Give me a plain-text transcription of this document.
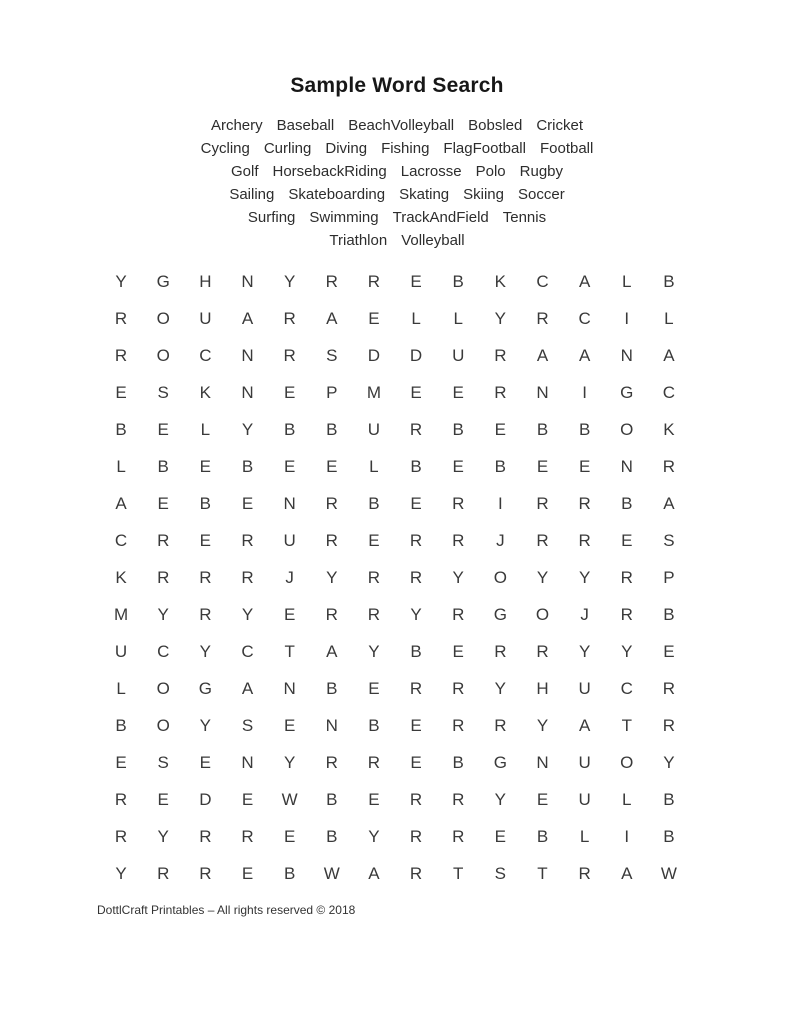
Sample Word Search
Archery Baseball BeachVolleyball Bobsled Cricket
Cycling Curling Diving Fishing FlagFootball Football
Golf HorsebackRiding Lacrosse Polo Rugby
Sailing Skateboarding Skating Skiing Soccer
Surfing Swimming TrackAndField Tennis
Triathlon Volleyball
Y	G	H	N	Y	R	R	E	B	K	C	A	L	B
R	O	U	A	R	A	E	L	L	Y	R	C	I	L
R	O	C	N	R	S	D	D	U	R	A	A	N	A
E	S	K	N	E	P	M	E	E	R	N	I	G	C
B	E	L	Y	B	B	U	R	B	E	B	B	O	K
L	B	E	B	E	E	L	B	E	B	E	E	N	R
A	E	B	E	N	R	B	E	R	I	R	R	B	A
C	R	E	R	U	R	E	R	R	J	R	R	E	S
K	R	R	R	J	Y	R	R	Y	O	Y	Y	R	P
M	Y	R	Y	E	R	R	Y	R	G	O	J	R	B
U	C	Y	C	T	A	Y	B	E	R	R	Y	Y	E
L	O	G	A	N	B	E	R	R	Y	H	U	C	R
B	O	Y	S	E	N	B	E	R	R	Y	A	T	R
E	S	E	N	Y	R	R	E	B	G	N	U	O	Y
R	E	D	E	W	B	E	R	R	Y	E	U	L	B
R	Y	R	R	E	B	Y	R	R	E	B	L	I	B
Y	R	R	E	B	W	A	R	T	S	T	R	A	W
DottlCraft Printables – All rights reserved © 2018
